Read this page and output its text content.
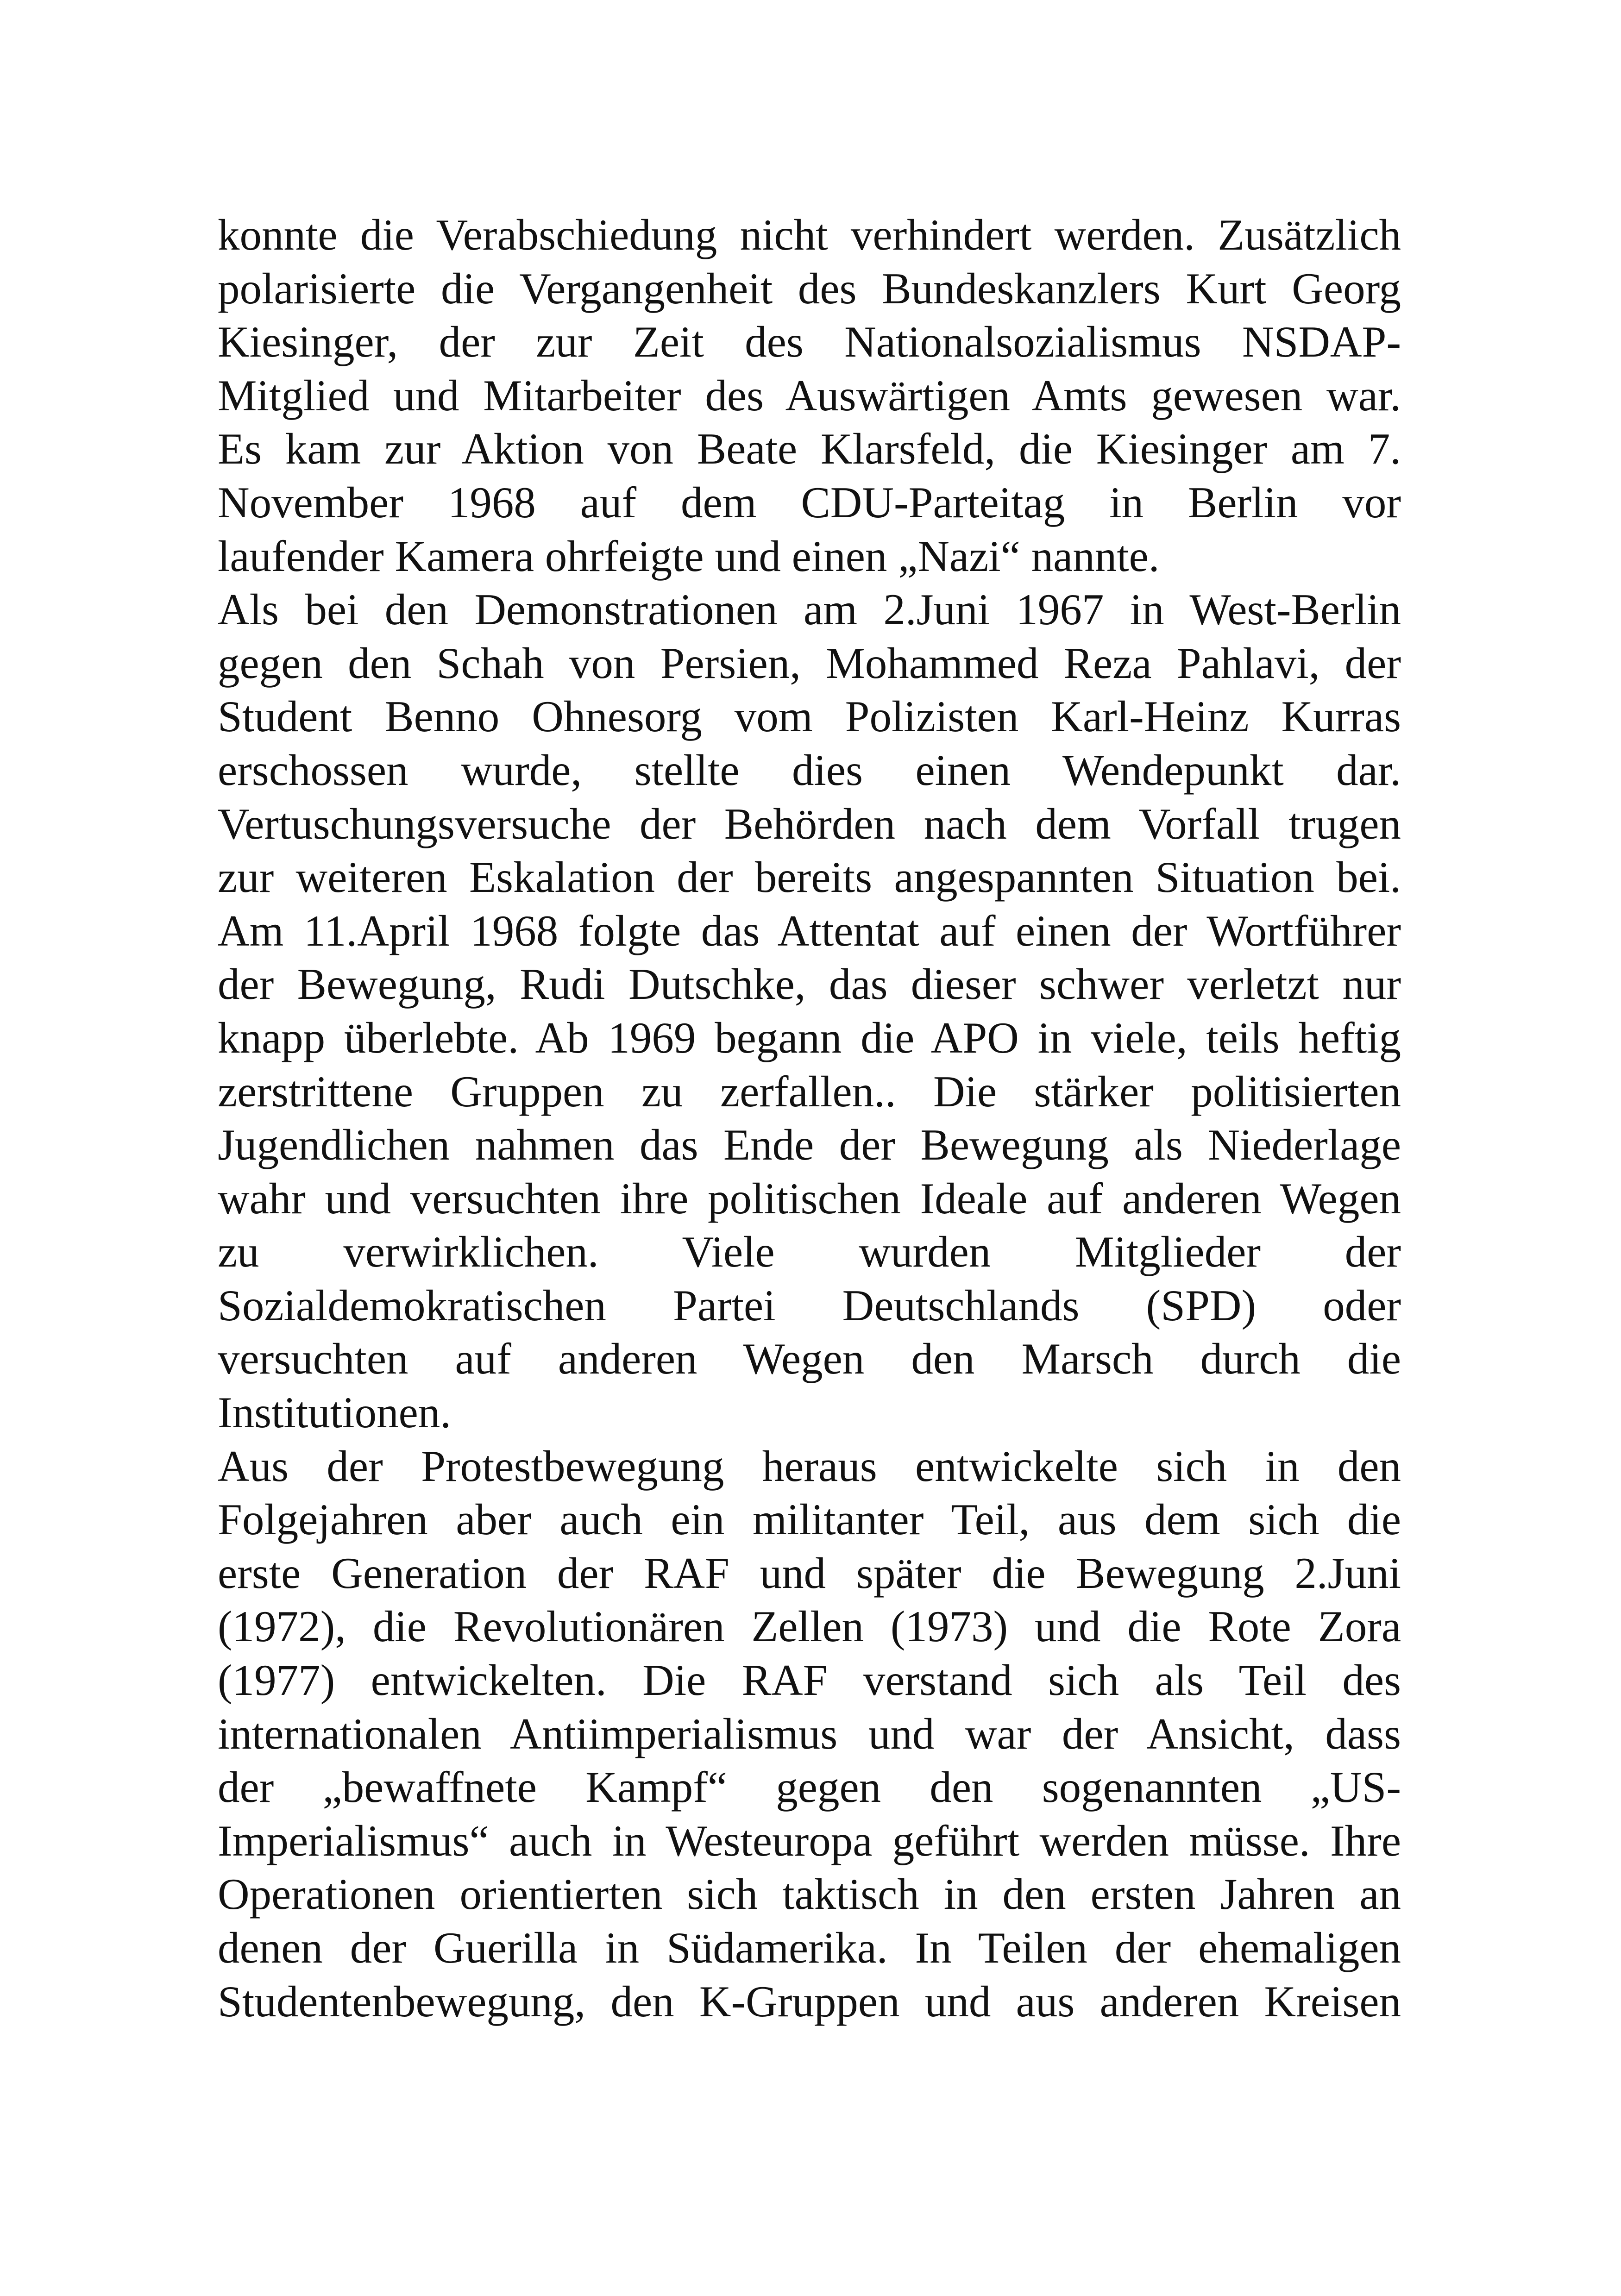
konnte die Verabschiedung nicht verhindert werden. Zusätzlich
polarisierte die Vergangenheit des Bundeskanzlers Kurt Georg
Kiesinger, der zur Zeit des Nationalsozialismus NSDAP-
Mitglied und Mitarbeiter des Auswärtigen Amts gewesen war.
Es kam zur Aktion von Beate Klarsfeld, die Kiesinger am 7.
November 1968 auf dem CDU-Parteitag in Berlin vor
laufender Kamera ohrfeigte und einen „Nazi“ nannte.

Als bei den Demonstrationen am 2.Juni 1967 in West-Berlin
gegen den Schah von Persien, Mohammed Reza Pahlavi, der
Student Benno Ohnesorg vom Polizisten Karl-Heinz Kurras
erschossen wurde, stellte dies einen Wendepunkt dar.
Vertuschungsversuche der Behörden nach dem Vorfall trugen
zur weiteren Eskalation der bereits angespannten Situation bei.
Am 11.April 1968 folgte das Attentat auf einen der Wortführer
der Bewegung, Rudi Dutschke, das dieser schwer verletzt nur
knapp überlebte. Ab 1969 begann die APO in viele, teils heftig
zerstrittene Gruppen zu zerfallen.. Die stärker politisierten
Jugendlichen nahmen das Ende der Bewegung als Niederlage
wahr und versuchten ihre politischen Ideale auf anderen Wegen
zu verwirklichen. Viele wurden Mitglieder der
Sozialdemokratischen Partei Deutschlands (SPD) oder
versuchten auf anderen Wegen den Marsch durch die
Institutionen.

Aus der Protestbewegung heraus entwickelte sich in den
Folgejahren aber auch ein militanter Teil, aus dem sich die
erste Generation der RAF und später die Bewegung 2.Juni
(1972), die Revolutionären Zellen (1973) und die Rote Zora
(1977) entwickelten. Die RAF verstand sich als Teil des
internationalen Antiimperialismus und war der Ansicht, dass
der „bewaffnete Kampf“ gegen den sogenannten „US-
Imperialismus“ auch in Westeuropa geführt werden müsse. Ihre
Operationen orientierten sich taktisch in den ersten Jahren an
denen der Guerilla in Südamerika. In Teilen der ehemaligen
Studentenbewegung, den K-Gruppen und aus anderen Kreisen
